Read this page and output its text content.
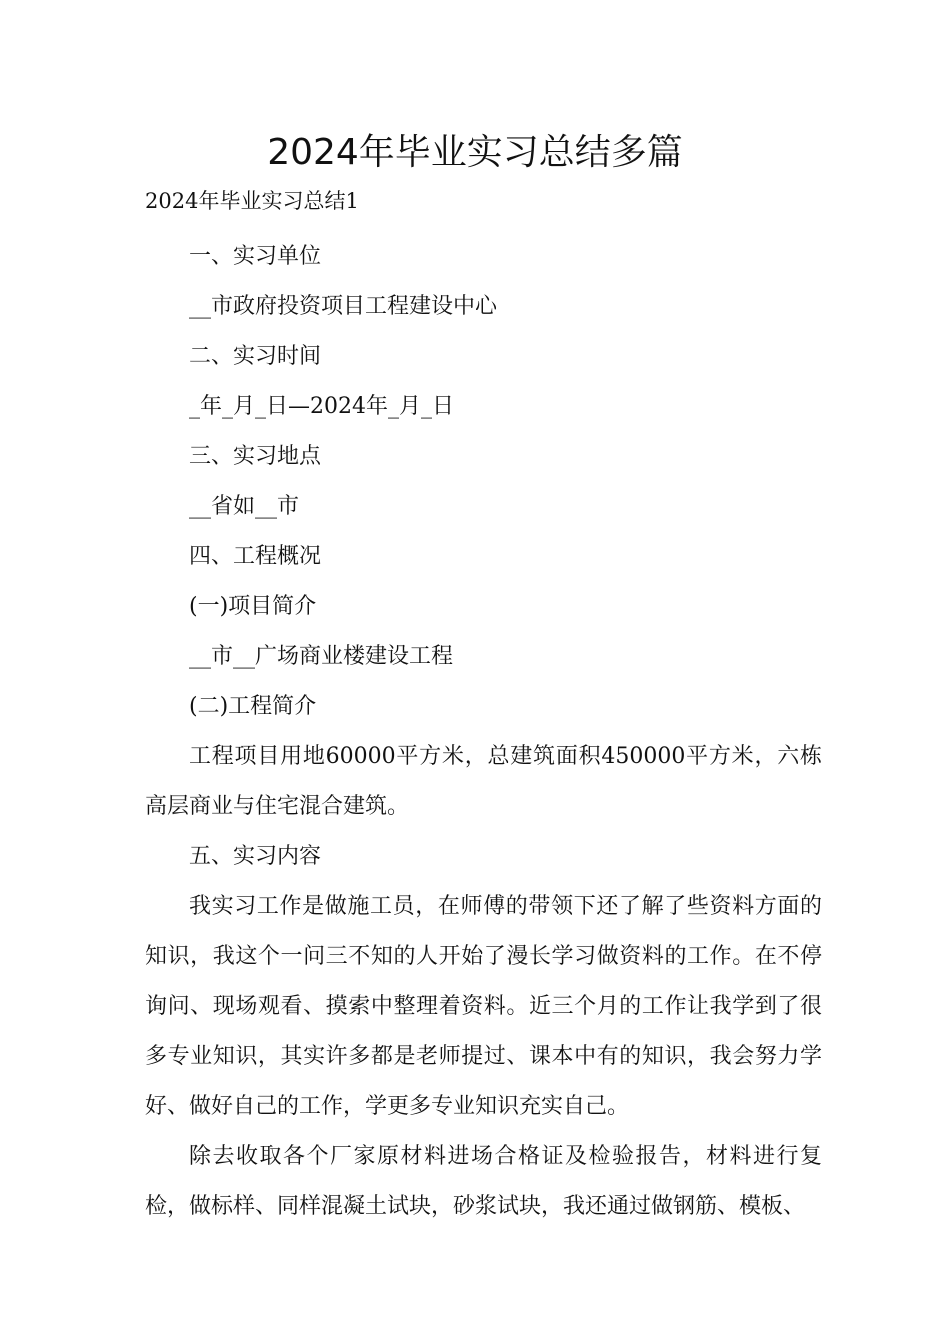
2024年毕业实习总结多篇

2024年毕业实习总结1

一、实习单位

__市政府投资项目工程建设中心

二、实习时间

_年_月_日—2024年_月_日

三、实习地点

__省如__市

四、工程概况

(一)项目简介

__市__广场商业楼建设工程

(二)工程简介

工程项目用地60000平方米，总建筑面积450000平方米，六栋高层商业与住宅混合建筑。

五、实习内容

我实习工作是做施工员，在师傅的带领下还了解了些资料方面的知识，我这个一问三不知的人开始了漫长学习做资料的工作。在不停询问、现场观看、摸索中整理着资料。近三个月的工作让我学到了很多专业知识，其实许多都是老师提过、课本中有的知识，我会努力学好、做好自己的工作，学更多专业知识充实自己。

除去收取各个厂家原材料进场合格证及检验报告，材料进行复检，做标样、同样混凝土试块，砂浆试块，我还通过做钢筋、模板、
